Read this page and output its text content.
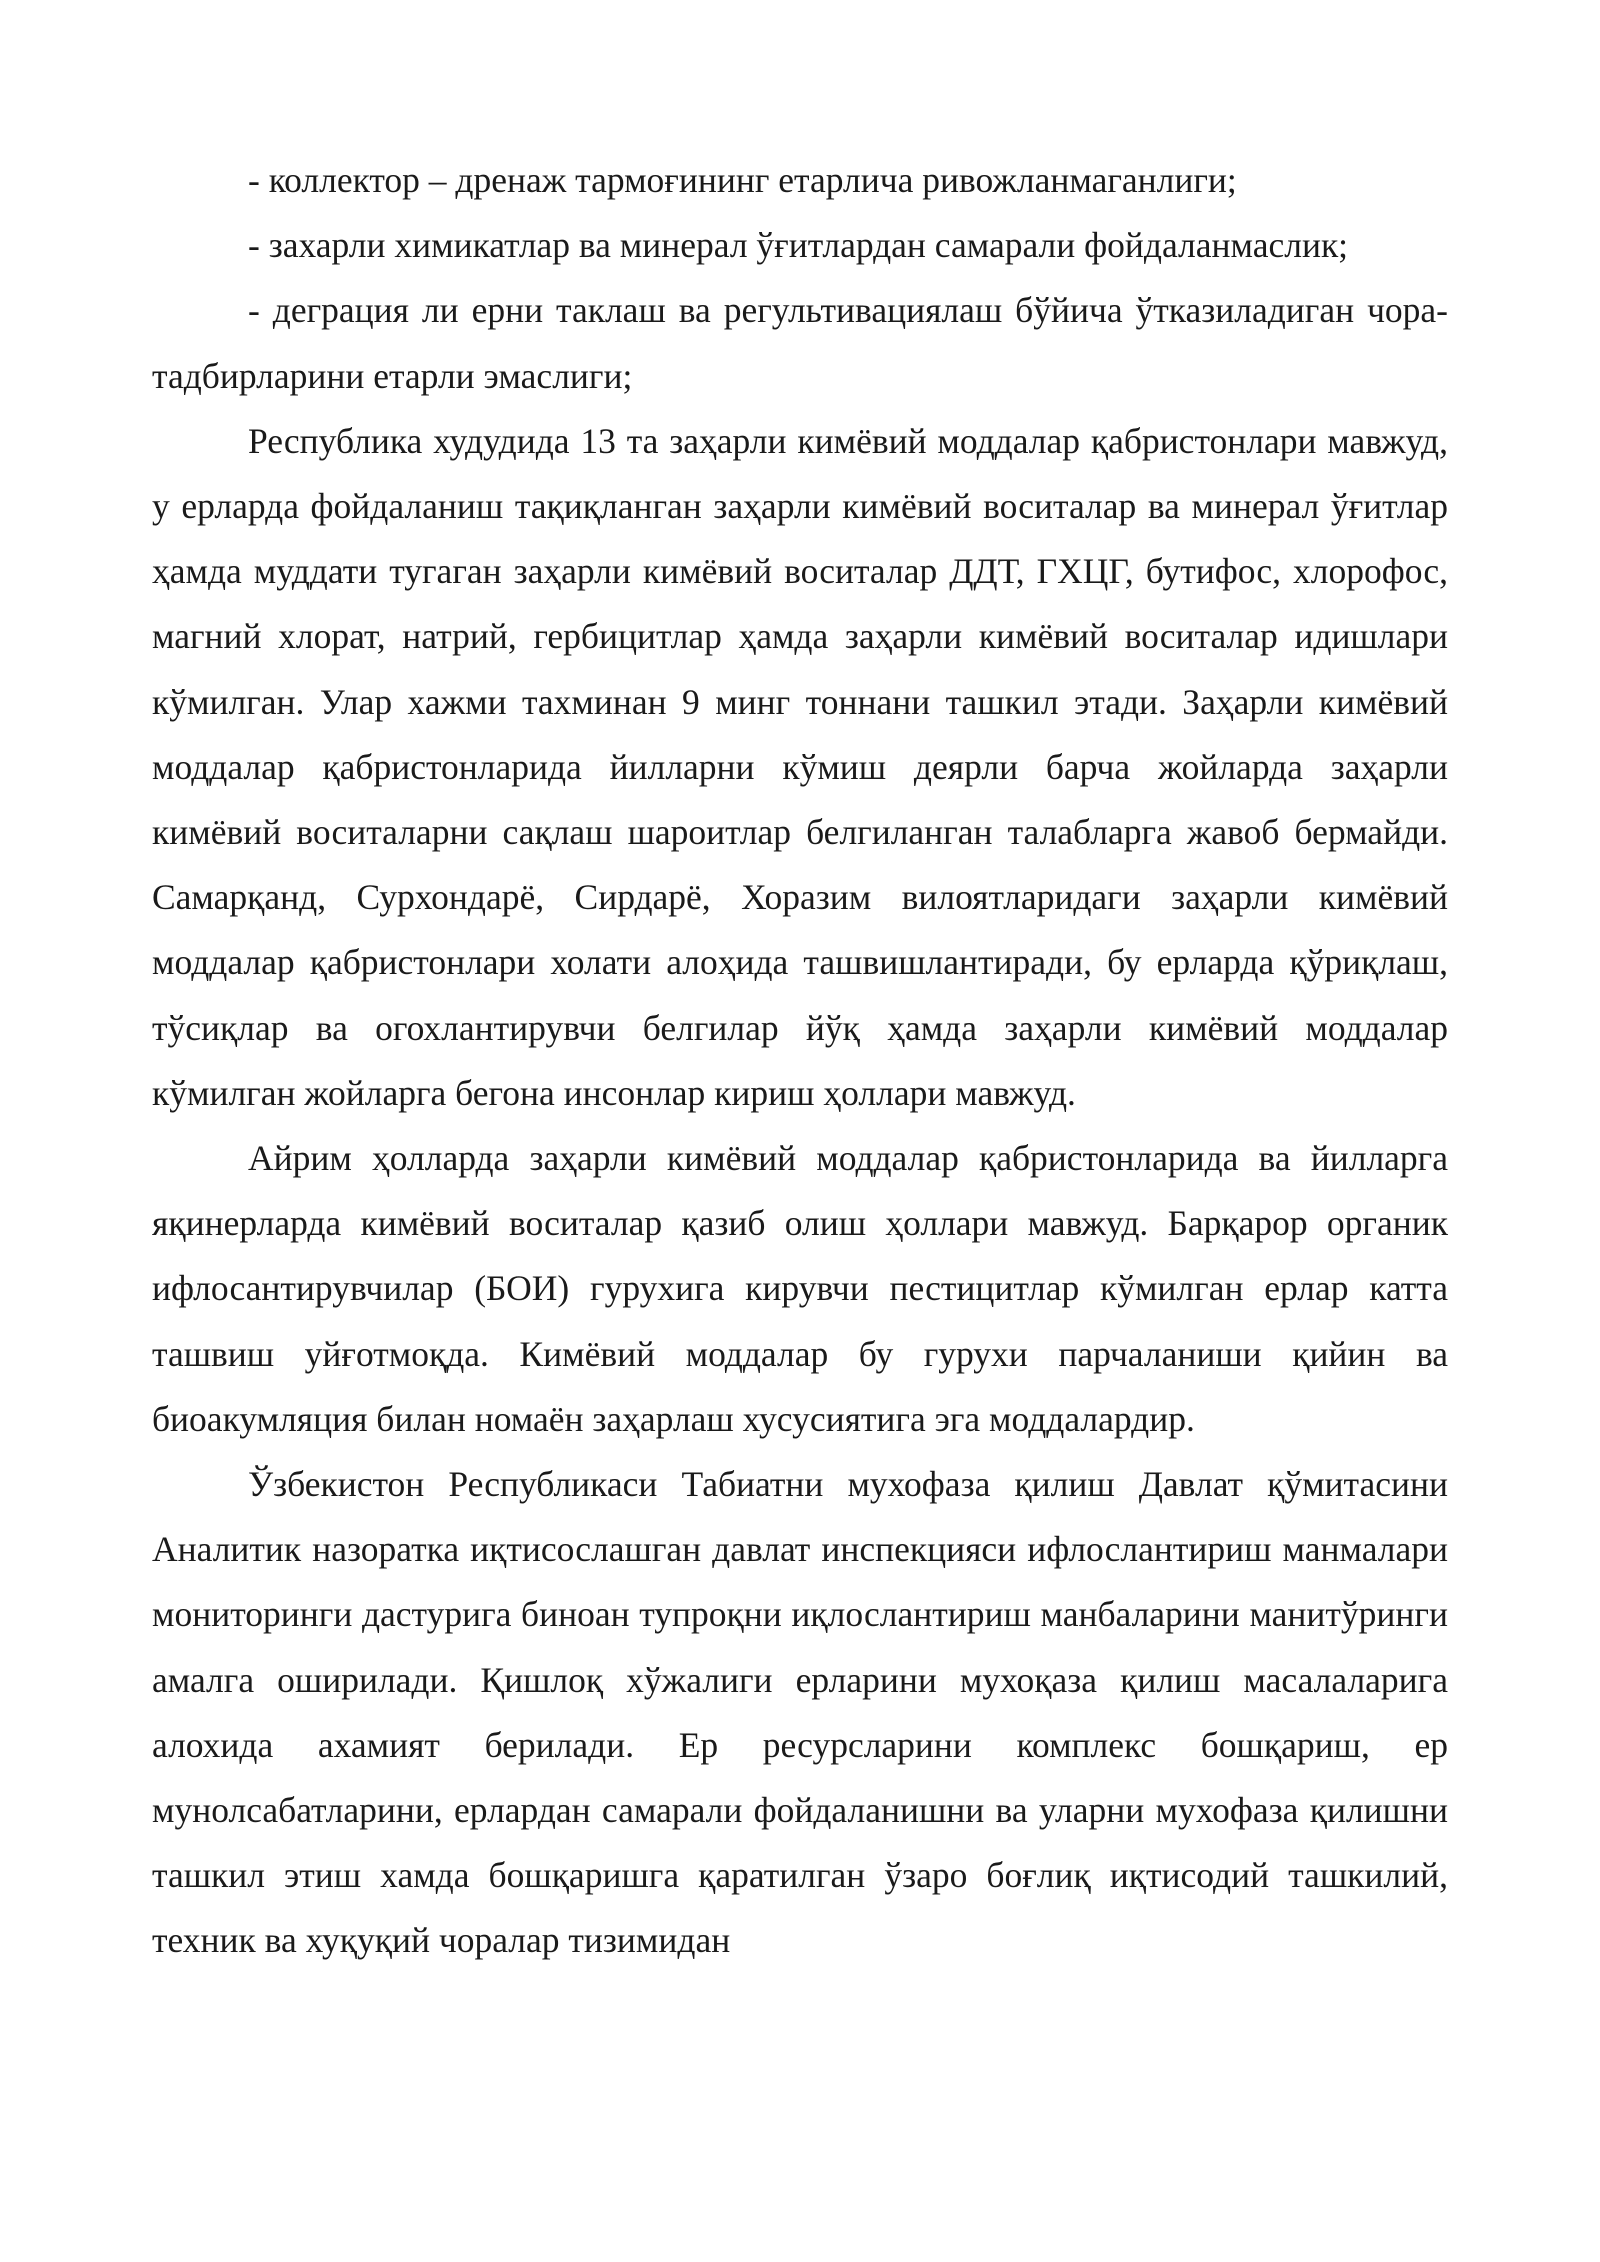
- коллектор – дренаж тармоғининг етарлича ривожланмаганлиги;

- захарли химикатлар ва минерал ўғитлардан самарали фойдаланмаслик;

- деграция ли ерни таклаш ва регультивациялаш бўйича ўтказиладиган чора- тадбирларини етарли эмаслиги;

Республика худудида 13 та заҳарли кимёвий моддалар қабристонлари мавжуд, у ерларда фойдаланиш тақиқланган заҳарли кимёвий воситалар ва минерал ўғитлар ҳамда муддати тугаган заҳарли кимёвий воситалар ДДТ, ГХЦГ, бутифос, хлорофос, магний хлорат, натрий, гербицитлар ҳамда заҳарли кимёвий воситалар идишлари кўмилган. Улар хажми тахминан 9 минг тоннани ташкил этади. Заҳарли кимёвий моддалар қабристонларида йилларни кўмиш деярли барча жойларда заҳарли кимёвий воситаларни сақлаш шароитлар белгиланган талабларга жавоб бермайди. Самарқанд, Сурхондарё, Сирдарё, Хоразим вилоятларидаги заҳарли кимёвий моддалар қабристонлари холати алоҳида ташвишлантиради, бу ерларда қўриқлаш, тўсиқлар ва огохлантирувчи белгилар йўқ ҳамда заҳарли кимёвий моддалар кўмилган жойларга бегона инсонлар кириш ҳоллари мавжуд.

Айрим ҳолларда заҳарли кимёвий моддалар қабристонларида ва йилларга яқинерларда кимёвий воситалар қазиб олиш ҳоллари мавжуд. Барқарор органик ифлосантирувчилар (БОИ) гурухига кирувчи пестицитлар кўмилган ерлар катта ташвиш уйғотмоқда. Кимёвий моддалар бу гурухи парчаланиши қийин ва биоакумляция билан номаён заҳарлаш хусусиятига эга моддалардир.

Ўзбекистон Республикаси Табиатни мухофаза қилиш Давлат қўмитасини Аналитик назоратка иқтисослашган давлат инспекцияси ифлослантириш манмалари мониторинги дастурига биноан тупроқни иқлослантириш манбаларини манитўринги амалга оширилади. Қишлоқ хўжалиги ерларини мухоқаза қилиш масалаларига алохида ахамият берилади. Ер ресурсларини комплекс бошқариш, ер мунолсабатларини, ерлардан самарали фойдаланишни ва уларни мухофаза қилишни ташкил этиш хамда бошқаришга қаратилган ўзаро боғлиқ иқтисодий ташкилий, техник ва хуқуқий чоралар тизимидан
